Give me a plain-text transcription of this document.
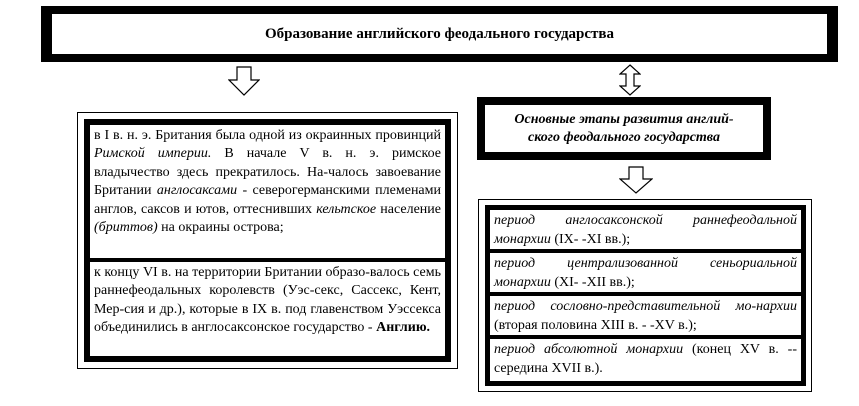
Образование английского феодального государства
Основные этапы развития англий-
ского феодального государства
в I в. н. э. Британия была одной из окраинных провинций Римской империи. В начале V в. н. э. римское владычество здесь прекратилось. На-чалось завоевание Британии англосаксами - северогерманскими племенами англов, саксов и ютов, оттеснивших кельтское население (бриттов) на окраины острова;
к концу VI в. на территории Британии образо-валось семь раннефеодальных королевств (Уэс-секс, Сассекс, Кент, Мер-сия и др.), которые в IX в. под главенством Уэссекса объединились в англосаксонское государство - Англию.
период англосаксонской раннефеодальной монархии (IX- -XI вв.);
период централизованной сеньориальной монархии (XI- -XII вв.);
период сословно-представительной мо-нархии (вторая половина XIII в. - -XV в.);
период абсолютной монархии (конец XV в. --середина XVII в.).
